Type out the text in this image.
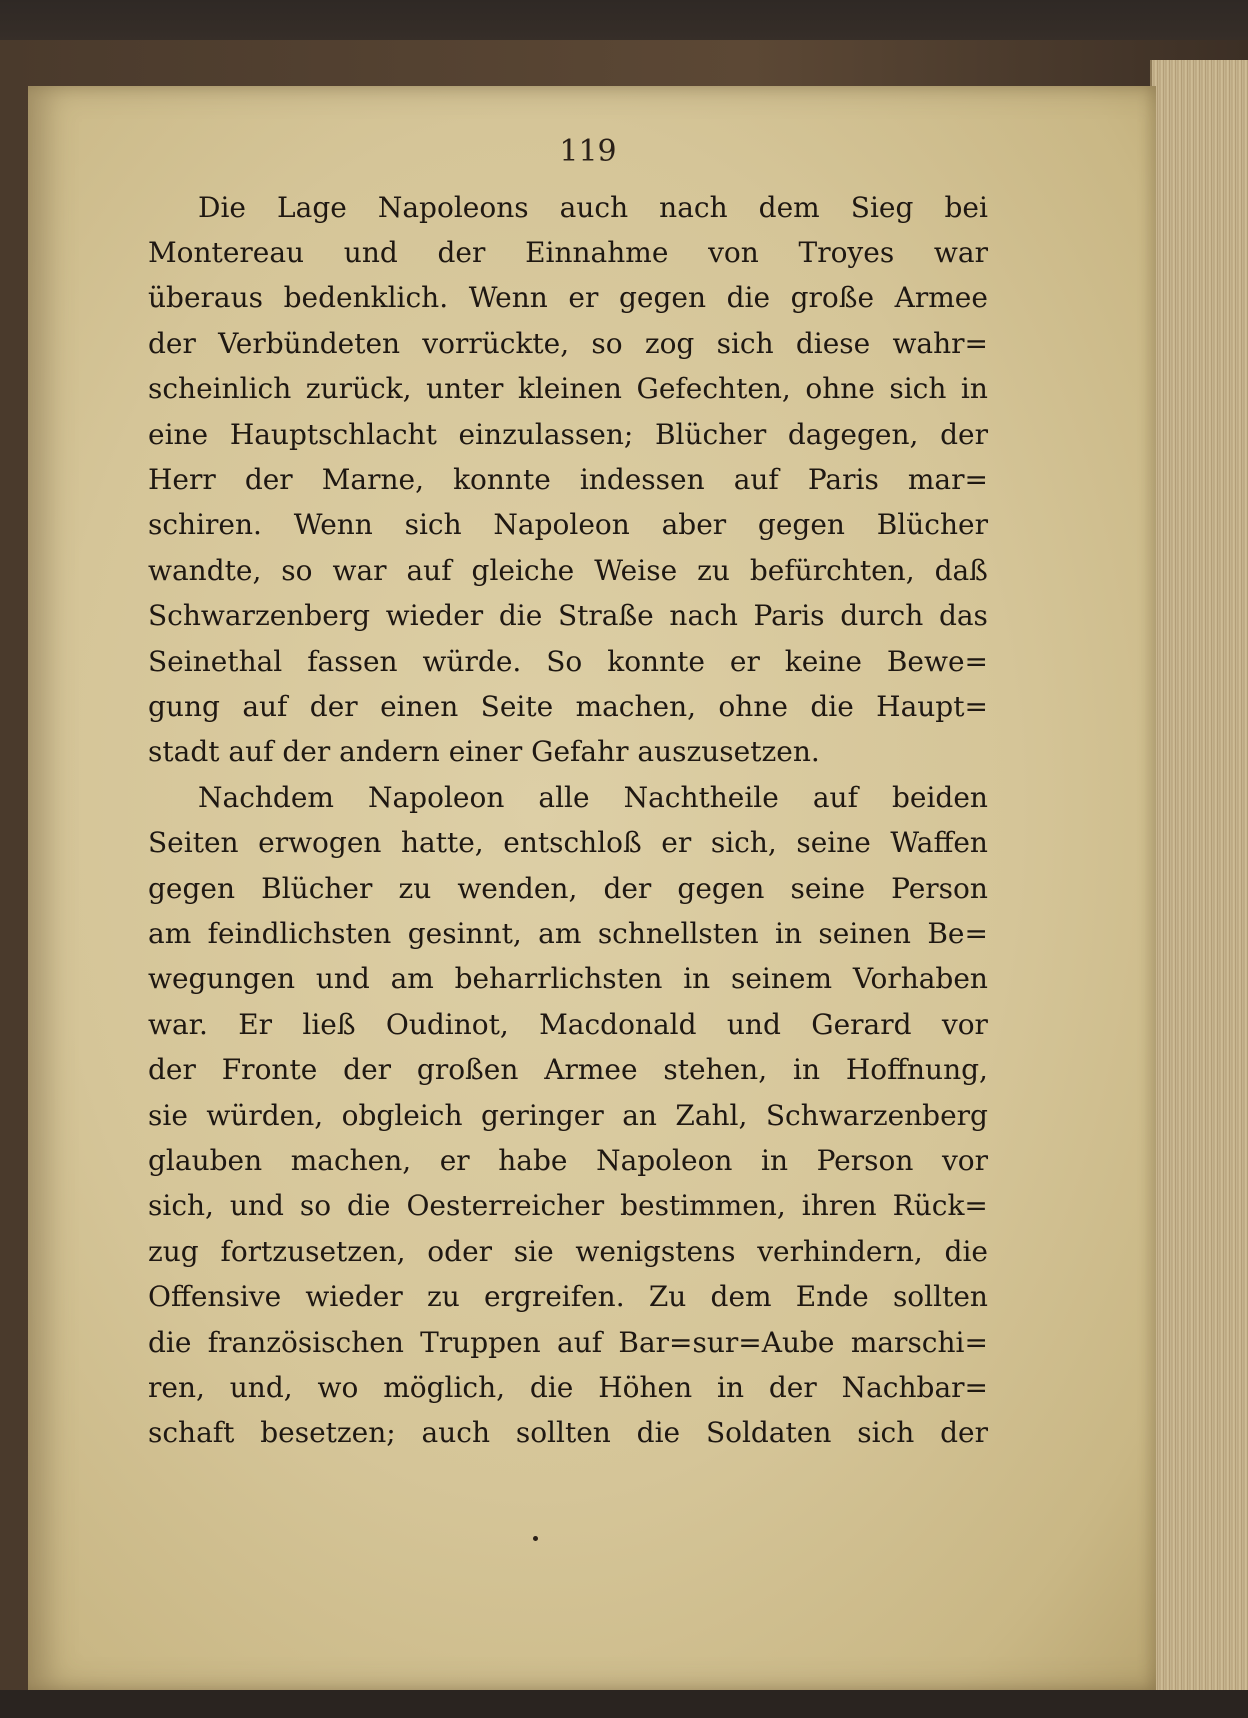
119
Die Lage Napoleons auch nach dem Sieg bei
Montereau und der Einnahme von Troyes war
überaus bedenklich. Wenn er gegen die große Armee
der Verbündeten vorrückte, so zog sich diese wahr=
scheinlich zurück, unter kleinen Gefechten, ohne sich in
eine Hauptschlacht einzulassen; Blücher dagegen, der
Herr der Marne, konnte indessen auf Paris mar=
schiren. Wenn sich Napoleon aber gegen Blücher
wandte, so war auf gleiche Weise zu befürchten, daß
Schwarzenberg wieder die Straße nach Paris durch das
Seinethal fassen würde. So konnte er keine Bewe=
gung auf der einen Seite machen, ohne die Haupt=
stadt auf der andern einer Gefahr auszusetzen.
Nachdem Napoleon alle Nachtheile auf beiden
Seiten erwogen hatte, entschloß er sich, seine Waffen
gegen Blücher zu wenden, der gegen seine Person
am feindlichsten gesinnt, am schnellsten in seinen Be=
wegungen und am beharrlichsten in seinem Vorhaben
war. Er ließ Oudinot, Macdonald und Gerard vor
der Fronte der großen Armee stehen, in Hoffnung,
sie würden, obgleich geringer an Zahl, Schwarzenberg
glauben machen, er habe Napoleon in Person vor
sich, und so die Oesterreicher bestimmen, ihren Rück=
zug fortzusetzen, oder sie wenigstens verhindern, die
Offensive wieder zu ergreifen. Zu dem Ende sollten
die französischen Truppen auf Bar=sur=Aube marschi=
ren, und, wo möglich, die Höhen in der Nachbar=
schaft besetzen; auch sollten die Soldaten sich der
